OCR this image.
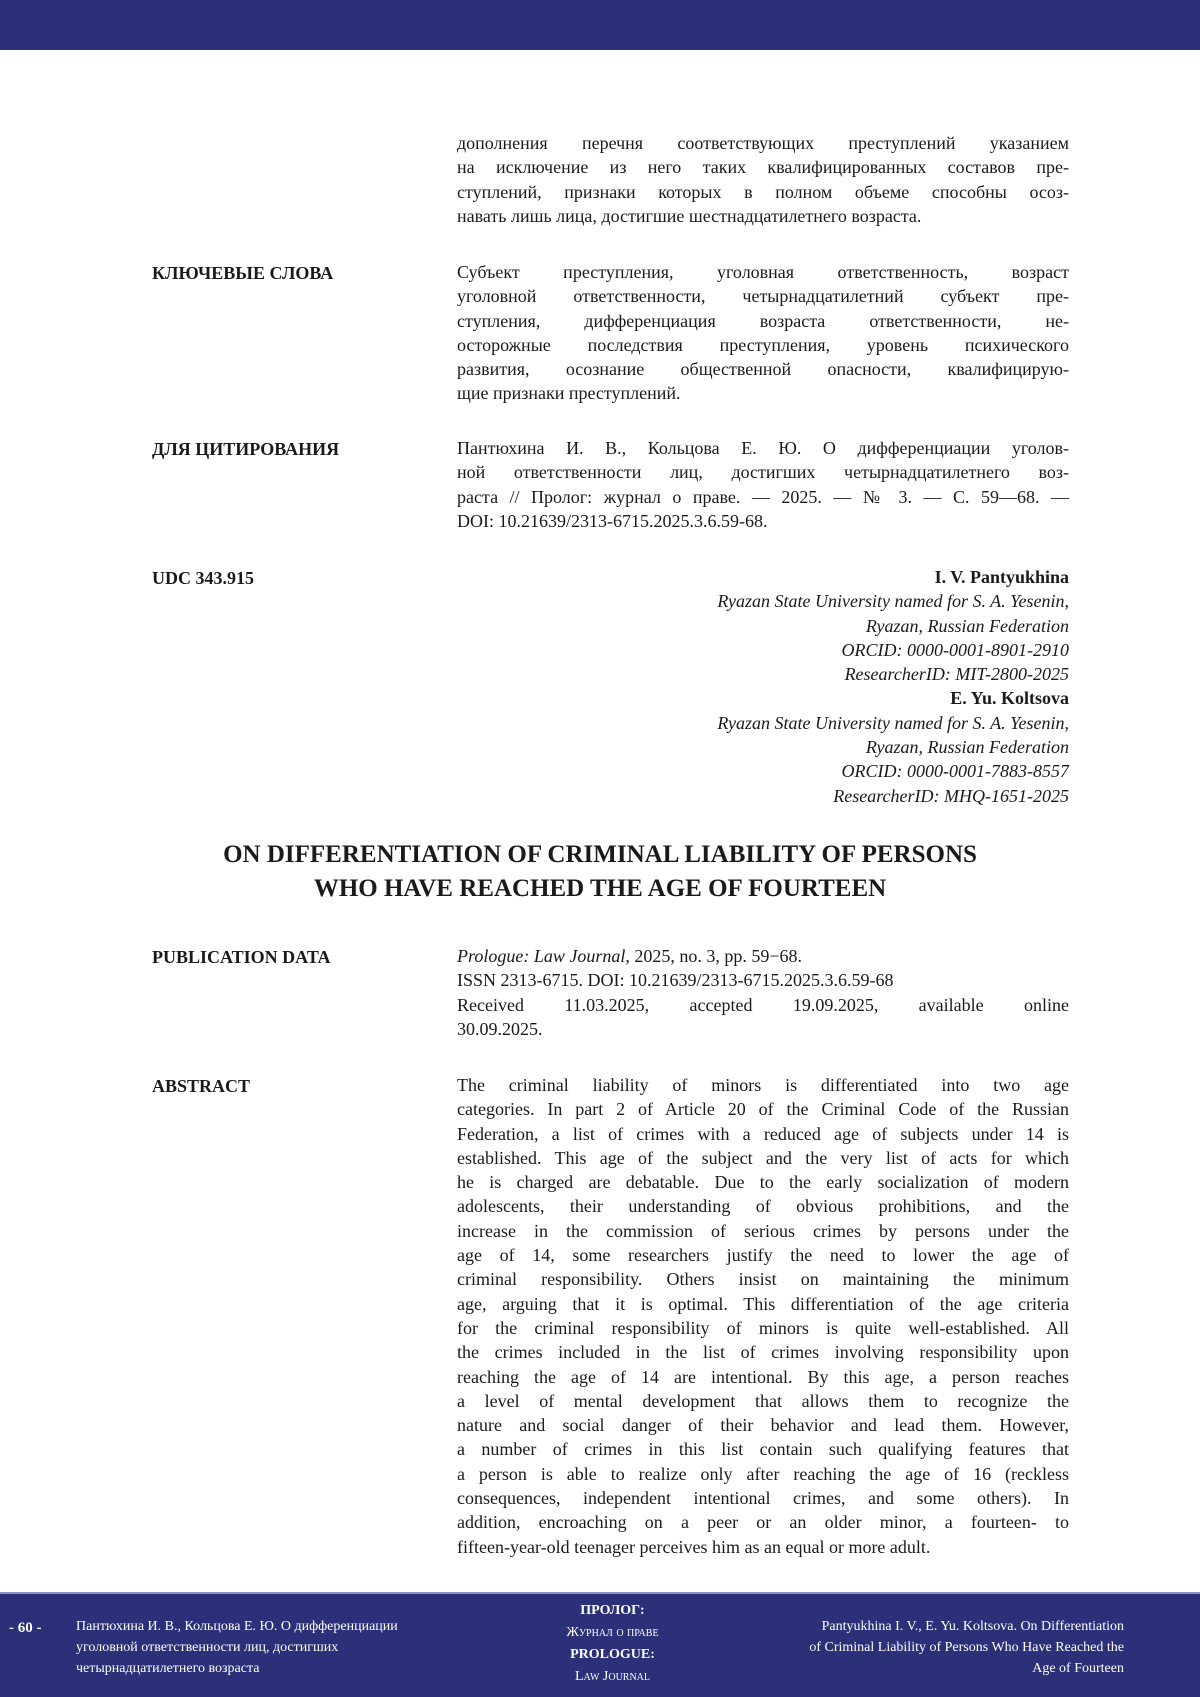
дополнения перечня соответствующих преступлений указанием
на исключение из него таких квалифицированных составов пре-
ступлений, признаки которых в полном объеме способны осоз-
навать лишь лица, достигшие шестнадцатилетнего возраста.
КЛЮЧЕВЫЕ СЛОВА	Субъект преступления, уголовная ответственность, возраст
уголовной ответственности, четырнадцатилетний субъект пре-
ступления, дифференциация возраста ответственности, не-
осторожные последствия преступления, уровень психического
развития, осознание общественной опасности, квалифицирую-
щие признаки преступлений.
ДЛЯ ЦИТИРОВАНИЯ	Пантюхина И. В., Кольцова Е. Ю. О дифференциации уголов-
ной ответственности лиц, достигших четырнадцатилетнего воз-
раста // Пролог: журнал о праве. — 2025. — № 3. — С. 59—68. —
DOI: 10.21639/2313-6715.2025.3.6.59-68.
UDC 343.915	I. V. Pantyukhina
Ryazan State University named for S. A. Yesenin,
Ryazan, Russian Federation
ORCID: 0000-0001-8901-2910
ResearcherID: MIT-2800-2025
E. Yu. Koltsova
Ryazan State University named for S. A. Yesenin,
Ryazan, Russian Federation
ORCID: 0000-0001-7883-8557
ResearcherID: MHQ-1651-2025
ON DIFFERENTIATION OF CRIMINAL LIABILITY OF PERSONS
WHO HAVE REACHED THE AGE OF FOURTEEN
PUBLICATION DATA	Prologue: Law Journal, 2025, no. 3, pp. 59−68.
ISSN 2313-6715. DOI: 10.21639/2313-6715.2025.3.6.59-68
Received 11.03.2025, accepted 19.09.2025, available online
30.09.2025.
ABSTRACT	The criminal liability of minors is differentiated into two age
categories. In part 2 of Article 20 of the Criminal Code of the Russian
Federation, a list of crimes with a reduced age of subjects under 14 is
established. This age of the subject and the very list of acts for which
he is charged are debatable. Due to the early socialization of modern
adolescents, their understanding of obvious prohibitions, and the
increase in the commission of serious crimes by persons under the
age of 14, some researchers justify the need to lower the age of
criminal responsibility. Others insist on maintaining the minimum
age, arguing that it is optimal. This differentiation of the age criteria
for the criminal responsibility of minors is quite well-established. All
the crimes included in the list of crimes involving responsibility upon
reaching the age of 14 are intentional. By this age, a person reaches
a level of mental development that allows them to recognize the
nature and social danger of their behavior and lead them. However,
a number of crimes in this list contain such qualifying features that
a person is able to realize only after reaching the age of 16 (reckless
consequences, independent intentional crimes, and some others). In
addition, encroaching on a peer or an older minor, a fourteen- to
fifteen-year-old teenager perceives him as an equal or more adult.
- 60 - Пантюхина И. В., Кольцова Е. Ю. О дифференциации
уголовной ответственности лиц, достигших
четырнадцатилетнего возраста
ПРОЛОГ:
Журнал о праве
PROLOGUE:
Law Journal
Pantyukhina I. V., E. Yu. Koltsova. On Differentiation
of Criminal Liability of Persons Who Have Reached the
Age of Fourteen
